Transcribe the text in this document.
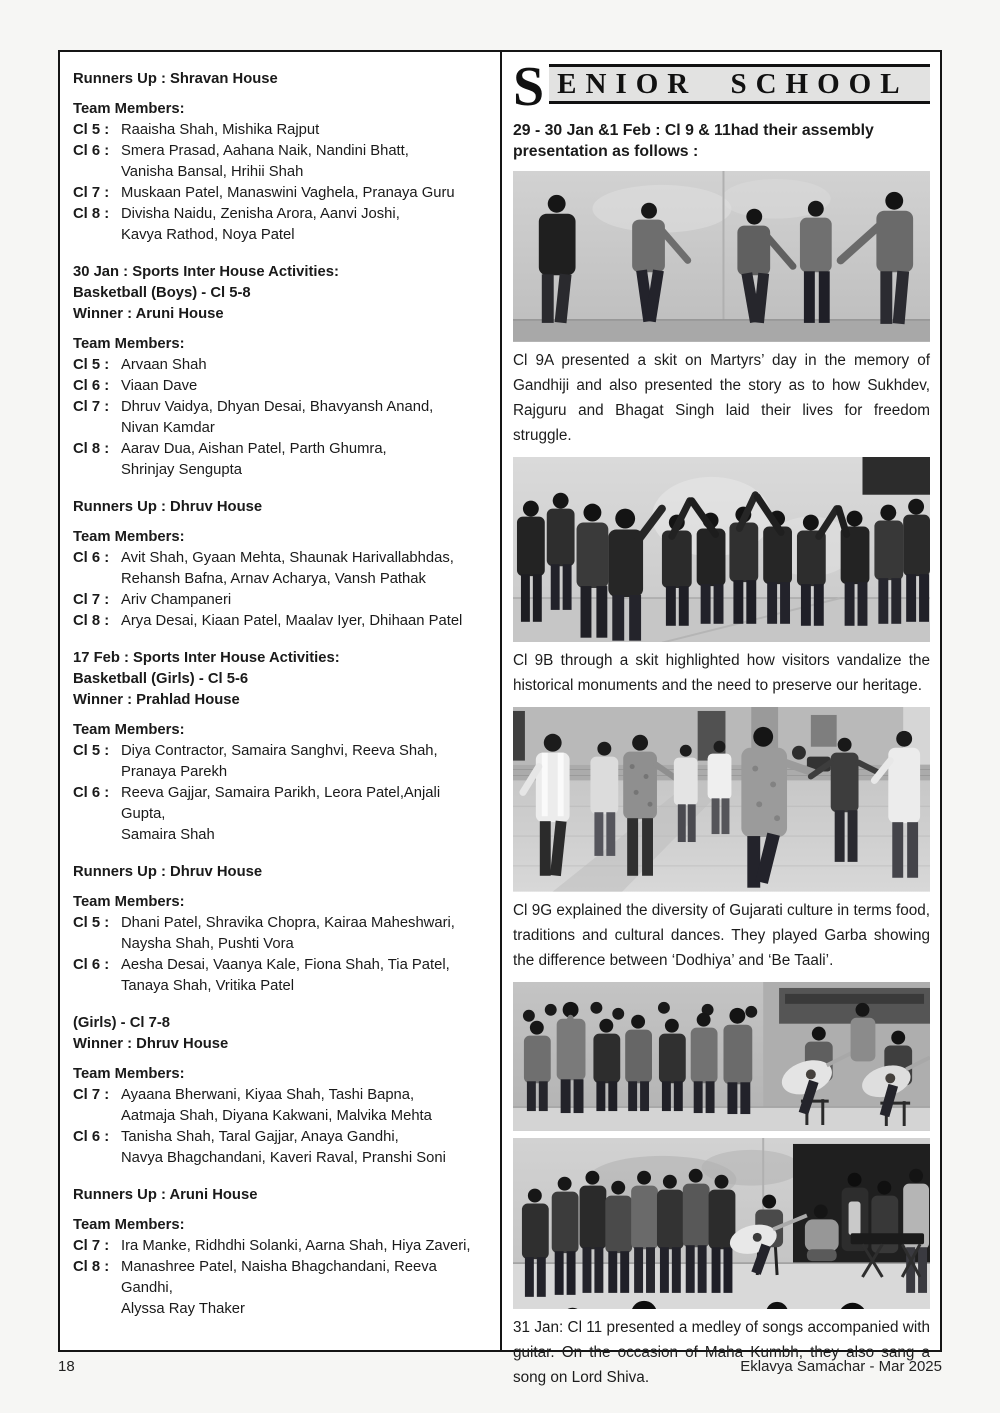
Runners Up : Shravan House
Team Members:
Cl 5 : Raaisha Shah, Mishika Rajput
Cl 6 : Smera Prasad, Aahana Naik, Nandini Bhatt,
Vanisha Bansal, Hrihii Shah
Cl 7 : Muskaan Patel, Manaswini Vaghela, Pranaya Guru
Cl 8 : Divisha Naidu, Zenisha Arora, Aanvi Joshi,
Kavya Rathod, Noya Patel
30 Jan : Sports Inter House Activities:
Basketball (Boys) - Cl 5-8
Winner : Aruni House
Team Members:
Cl 5 : Arvaan Shah
Cl 6 : Viaan Dave
Cl 7 : Dhruv Vaidya, Dhyan Desai, Bhavyansh Anand,
Nivan Kamdar
Cl 8 : Aarav Dua, Aishan Patel, Parth Ghumra,
Shrinjay Sengupta
Runners Up : Dhruv House
Team Members:
Cl 6 : Avit Shah, Gyaan Mehta, Shaunak Harivallabhdas,
Rehansh Bafna, Arnav Acharya, Vansh Pathak
Cl 7 : Ariv Champaneri
Cl 8 : Arya Desai, Kiaan Patel, Maalav Iyer, Dhihaan Patel
17 Feb : Sports Inter House Activities:
Basketball (Girls) - Cl 5-6
Winner : Prahlad House
Team Members:
Cl 5 : Diya Contractor, Samaira Sanghvi, Reeva Shah,
Pranaya Parekh
Cl 6 : Reeva Gajjar, Samaira Parikh, Leora Patel,Anjali Gupta,
Samaira Shah
Runners Up : Dhruv House
Team Members:
Cl 5 : Dhani Patel, Shravika Chopra, Kairaa Maheshwari,
Naysha Shah, Pushti Vora
Cl 6 : Aesha Desai, Vaanya Kale, Fiona Shah, Tia Patel,
Tanaya Shah, Vritika Patel
(Girls) - Cl 7-8
Winner : Dhruv House
Team Members:
Cl 7 : Ayaana Bherwani, Kiyaa Shah, Tashi Bapna,
Aatmaja Shah, Diyana Kakwani, Malvika Mehta
Cl 6 : Tanisha Shah, Taral Gajjar, Anaya Gandhi,
Navya Bhagchandani, Kaveri Raval, Pranshi Soni
Runners Up : Aruni House
Team Members:
Cl 7 : Ira Manke, Ridhdhi Solanki, Aarna Shah, Hiya Zaveri,
Cl 8 : Manashree Patel, Naisha Bhagchandani, Reeva Gandhi,
Alyssa Ray Thaker
S ENIOR SCHOOL
29 - 30 Jan &1 Feb : Cl 9 & 11had their assembly presentation as follows :

Cl 9A presented a skit on Martyrs’ day in the memory of Gandhiji and also presented the story as to how Sukhdev, Rajguru and Bhagat Singh laid their lives for freedom struggle.

Cl 9B through a skit highlighted how visitors vandalize the historical monuments and the need to preserve our heritage.

Cl 9G explained the diversity of Gujarati culture in terms food, traditions and cultural dances. They played Garba showing the difference between ‘Dodhiya’ and ‘Be Taali’.

31 Jan: Cl 11 presented a medley of songs accompanied with guitar. On the occasion of Maha Kumbh, they also sang a song on Lord Shiva.

18	Eklavya Samachar - Mar 2025
